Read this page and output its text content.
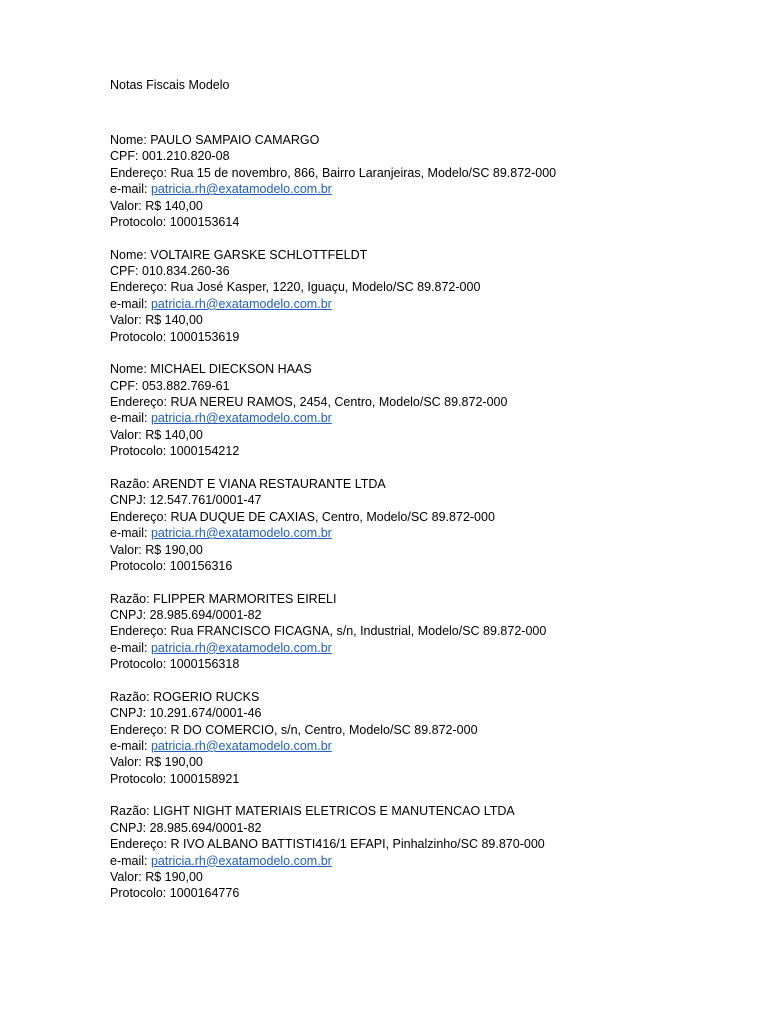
Notas Fiscais Modelo
Nome: PAULO SAMPAIO CAMARGO
CPF: 001.210.820-08
Endereço: Rua 15 de novembro, 866, Bairro Laranjeiras, Modelo/SC 89.872-000
e-mail: patricia.rh@exatamodelo.com.br
Valor: R$ 140,00
Protocolo: 1000153614
Nome: VOLTAIRE GARSKE SCHLOTTFELDT
CPF: 010.834.260-36
Endereço: Rua José Kasper, 1220, Iguaçu, Modelo/SC 89.872-000
e-mail: patricia.rh@exatamodelo.com.br
Valor: R$ 140,00
Protocolo: 1000153619
Nome: MICHAEL DIECKSON HAAS
CPF: 053.882.769-61
Endereço: RUA NEREU RAMOS, 2454, Centro, Modelo/SC 89.872-000
e-mail: patricia.rh@exatamodelo.com.br
Valor: R$ 140,00
Protocolo: 1000154212
Razão: ARENDT E VIANA RESTAURANTE LTDA
CNPJ: 12.547.761/0001-47
Endereço: RUA DUQUE DE CAXIAS, Centro, Modelo/SC 89.872-000
e-mail: patricia.rh@exatamodelo.com.br
Valor: R$ 190,00
Protocolo: 100156316
Razão: FLIPPER MARMORITES EIRELI
CNPJ: 28.985.694/0001-82
Endereço: Rua FRANCISCO FICAGNA, s/n, Industrial, Modelo/SC 89.872-000
e-mail: patricia.rh@exatamodelo.com.br
Protocolo: 1000156318
Razão: ROGERIO RUCKS
CNPJ: 10.291.674/0001-46
Endereço: R DO COMERCIO, s/n, Centro, Modelo/SC 89.872-000
e-mail: patricia.rh@exatamodelo.com.br
Valor: R$ 190,00
Protocolo: 1000158921
Razão: LIGHT NIGHT MATERIAIS ELETRICOS E MANUTENCAO LTDA
CNPJ: 28.985.694/0001-82
Endereço: R IVO ALBANO BATTISTI416/1 EFAPI, Pinhalzinho/SC 89.870-000
e-mail: patricia.rh@exatamodelo.com.br
Valor: R$ 190,00
Protocolo: 1000164776
